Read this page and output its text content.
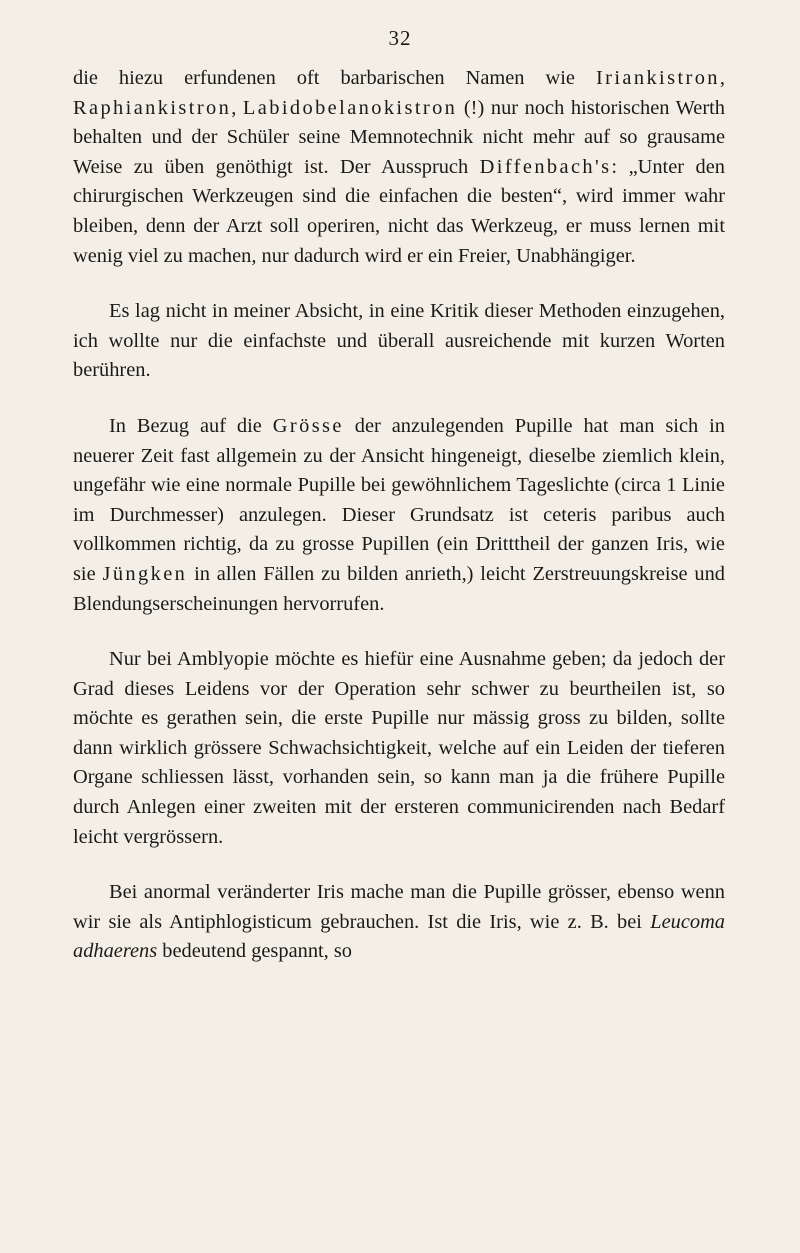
32

die hiezu erfundenen oft barbarischen Namen wie Iriankistron, Raphiankistron, Labidobelanokistron (!) nur noch historischen Werth behalten und der Schüler seine Memnotechnik nicht mehr auf so grausame Weise zu üben genöthigt ist. Der Ausspruch Diffenbach's: „Unter den chirurgischen Werkzeugen sind die einfachen die besten“, wird immer wahr bleiben, denn der Arzt soll operiren, nicht das Werkzeug, er muss lernen mit wenig viel zu machen, nur dadurch wird er ein Freier, Unabhängiger.

Es lag nicht in meiner Absicht, in eine Kritik dieser Methoden einzugehen, ich wollte nur die einfachste und überall ausreichende mit kurzen Worten berühren.

In Bezug auf die Grösse der anzulegenden Pupille hat man sich in neuerer Zeit fast allgemein zu der Ansicht hingeneigt, dieselbe ziemlich klein, ungefähr wie eine normale Pupille bei gewöhnlichem Tageslichte (circa 1 Linie im Durchmesser) anzulegen. Dieser Grundsatz ist ceteris paribus auch vollkommen richtig, da zu grosse Pupillen (ein Dritttheil der ganzen Iris, wie sie Jüngken in allen Fällen zu bilden anrieth,) leicht Zerstreuungskreise und Blendungserscheinungen hervorrufen.

Nur bei Amblyopie möchte es hiefür eine Ausnahme geben; da jedoch der Grad dieses Leidens vor der Operation sehr schwer zu beurtheilen ist, so möchte es gerathen sein, die erste Pupille nur mässig gross zu bilden, sollte dann wirklich grössere Schwachsichtigkeit, welche auf ein Leiden der tieferen Organe schliessen lässt, vorhanden sein, so kann man ja die frühere Pupille durch Anlegen einer zweiten mit der ersteren communicirenden nach Bedarf leicht vergrössern.

Bei anormal veränderter Iris mache man die Pupille grösser, ebenso wenn wir sie als Antiphlogisticum gebrauchen. Ist die Iris, wie z. B. bei Leucoma adhaerens bedeutend gespannt, so
